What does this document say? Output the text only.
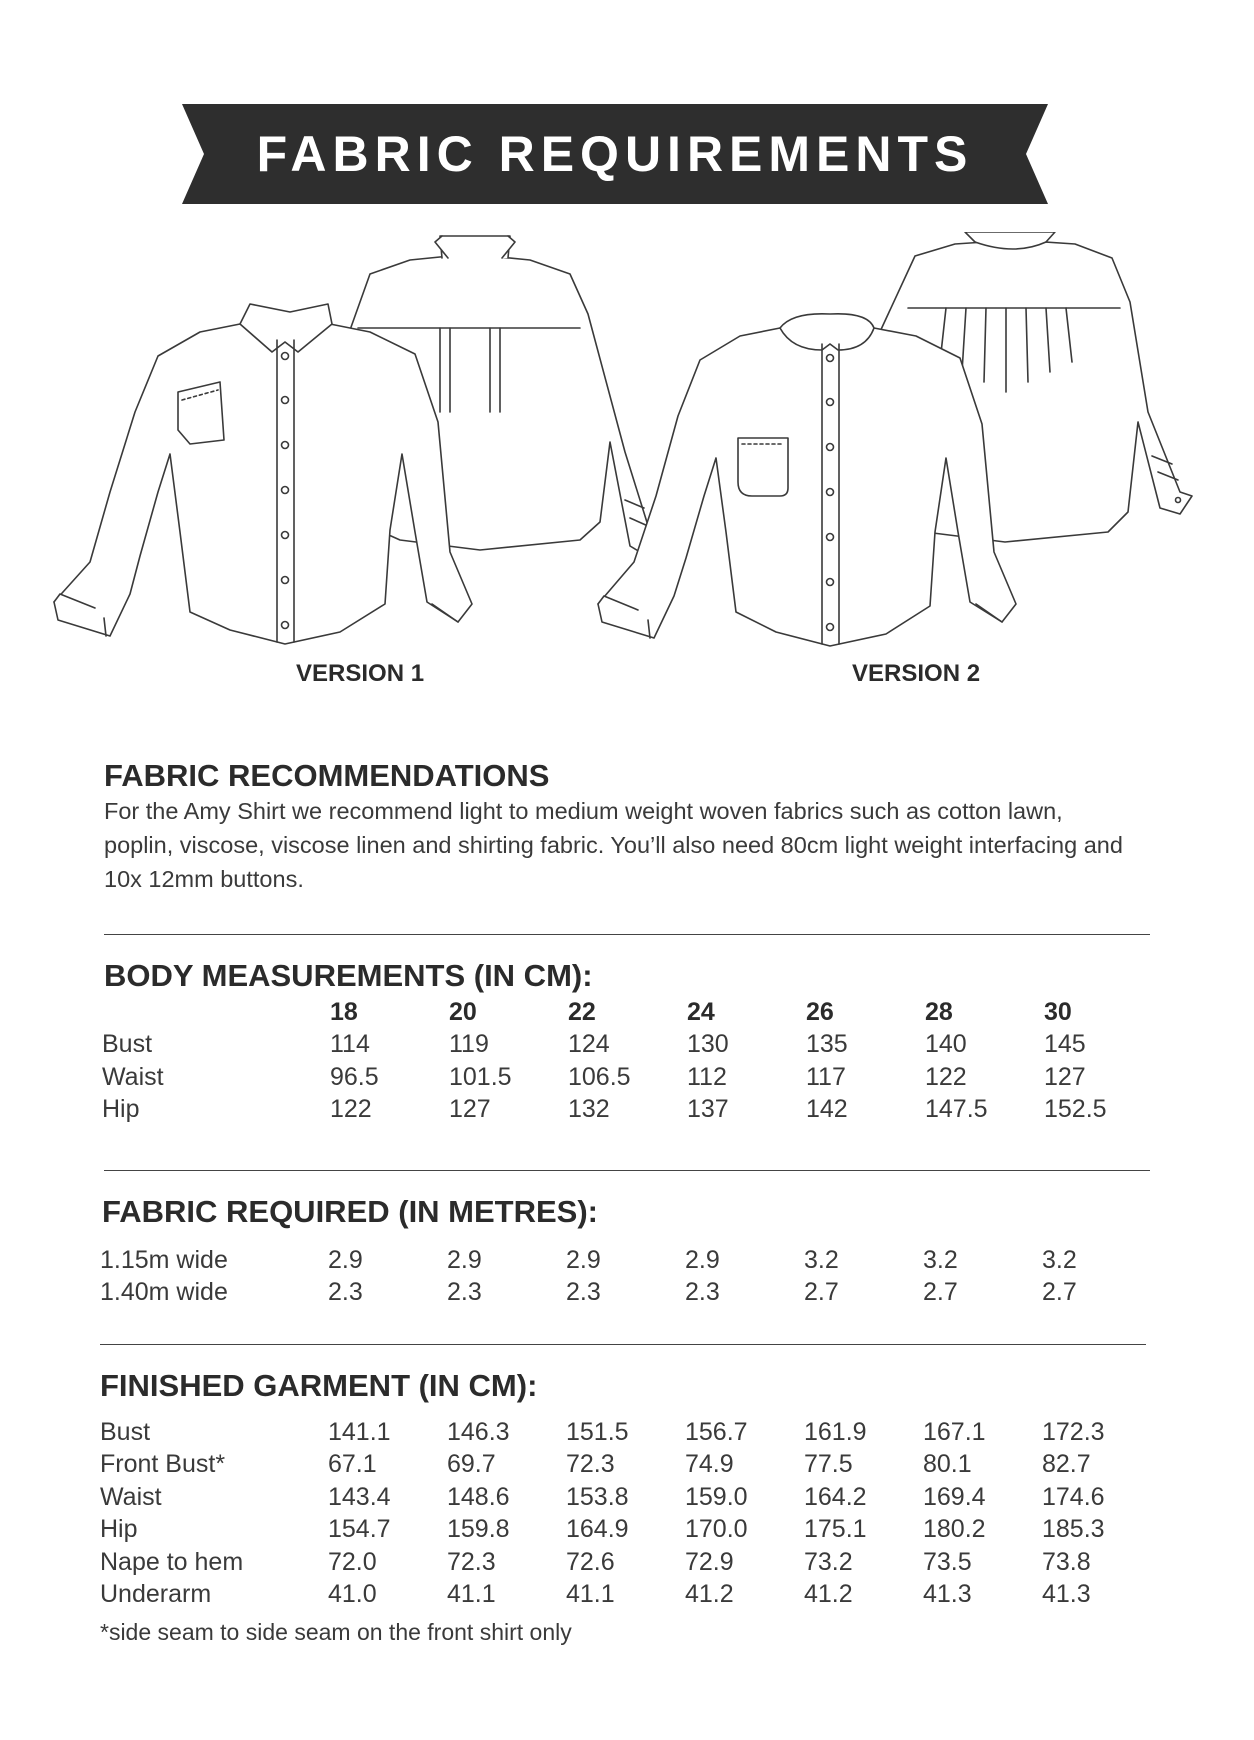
FABRIC REQUIREMENTS
VERSION 1	VERSION 2
FABRIC RECOMMENDATIONS
For the Amy Shirt we recommend light to medium weight woven fabrics such as cotton lawn,
poplin, viscose, viscose linen and shirting fabric. You’ll also need 80cm light weight interfacing and
10x 12mm buttons.
BODY MEASUREMENTS (IN CM):
	18	20	22	24	26	28	30
Bust	114	119	124	130	135	140	145
Waist	96.5	101.5	106.5	112	117	122	127
Hip	122	127	132	137	142	147.5	152.5
FABRIC REQUIRED (IN METRES):
1.15m wide	2.9	2.9	2.9	2.9	3.2	3.2	3.2
1.40m wide	2.3	2.3	2.3	2.3	2.7	2.7	2.7
FINISHED GARMENT (IN CM):
Bust	141.1	146.3	151.5	156.7	161.9	167.1	172.3
Front Bust*	67.1	69.7	72.3	74.9	77.5	80.1	82.7
Waist	143.4	148.6	153.8	159.0	164.2	169.4	174.6
Hip	154.7	159.8	164.9	170.0	175.1	180.2	185.3
Nape to hem	72.0	72.3	72.6	72.9	73.2	73.5	73.8
Underarm	41.0	41.1	41.1	41.2	41.2	41.3	41.3
*side seam to side seam on the front shirt only
